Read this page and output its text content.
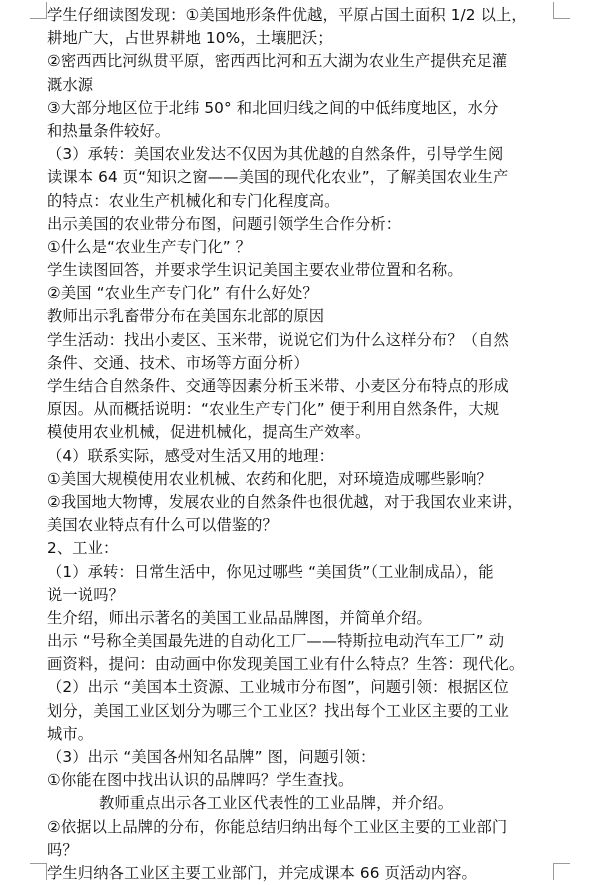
学生仔细读图发现：①美国地形条件优越，平原占国土面积 1/2 以上，
耕地广大，占世界耕地 10%，土壤肥沃；
②密西西比河纵贯平原，密西西比河和五大湖为农业生产提供充足灌
溉水源
③大部分地区位于北纬 50° 和北回归线之间的中低纬度地区，水分
和热量条件较好。
（3）承转：美国农业发达不仅因为其优越的自然条件，引导学生阅
读课本 64 页“知识之窗——美国的现代化农业”，了解美国农业生产
的特点：农业生产机械化和专门化程度高。
出示美国的农业带分布图，问题引领学生合作分析：
①什么是“农业生产专门化” ？
学生读图回答，并要求学生识记美国主要农业带位置和名称。
②美国 “农业生产专门化” 有什么好处？
教师出示乳畜带分布在美国东北部的原因
学生活动：找出小麦区、玉米带，说说它们为什么这样分布？（自然
条件、交通、技术、市场等方面分析）
学生结合自然条件、交通等因素分析玉米带、小麦区分布特点的形成
原因。从而概括说明：“农业生产专门化” 便于利用自然条件，大规
模使用农业机械，促进机械化，提高生产效率。
（4）联系实际，感受对生活又用的地理：
①美国大规模使用农业机械、农药和化肥，对环境造成哪些影响？
②我国地大物博，发展农业的自然条件也很优越，对于我国农业来讲，
美国农业特点有什么可以借鉴的？
2、工业：
（1）承转：日常生活中，你见过哪些 “美国货”（工业制成品），能
说一说吗？
生介绍，师出示著名的美国工业品品牌图，并简单介绍。
出示 “号称全美国最先进的自动化工厂——特斯拉电动汽车工厂” 动
画资料，提问：由动画中你发现美国工业有什么特点？生答：现代化。
（2）出示 “美国本土资源、工业城市分布图”，问题引领：根据区位
划分，美国工业区划分为哪三个工业区？找出每个工业区主要的工业
城市。
（3）出示 “美国各州知名品牌” 图，问题引领：
①你能在图中找出认识的品牌吗？学生查找。
教师重点出示各工业区代表性的工业品牌，并介绍。
②依据以上品牌的分布，你能总结归纳出每个工业区主要的工业部门
吗？
学生归纳各工业区主要工业部门，并完成课本 66 页活动内容。
